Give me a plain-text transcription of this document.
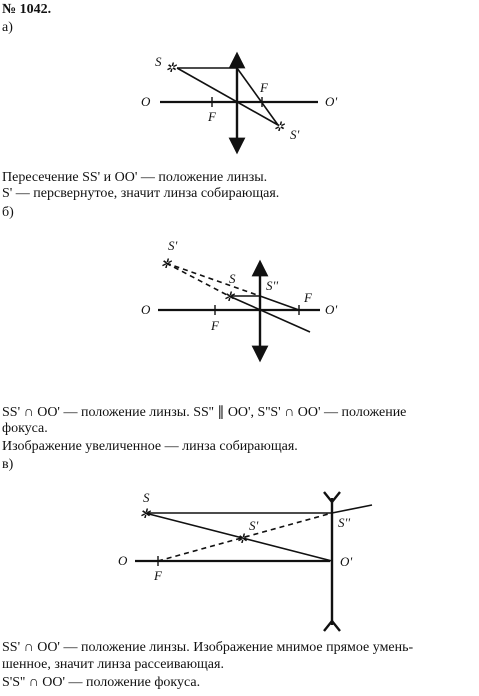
№ 1042.
а)
✲
✲
S
S'
O	O'
F
F
Пересечение SS' и OO' — положение линзы.
S' — персвернутое, значит линза собирающая.
б)
✲
✲
S'
S S''
O	O'
F
F
SS' ∩ OO' — положение линзы. SS'' ∥ OO', S''S' ∩ OO' — положение
фокуса.
Изображение увеличенное — линза собирающая.
в)
✲
✲
S
S'	S''
O	O'
F
SS' ∩ OO' — положение линзы. Изображение мнимое прямое умень-
шенное, значит линза рассеивающая.
S'S'' ∩ OO' — положение фокуса.
